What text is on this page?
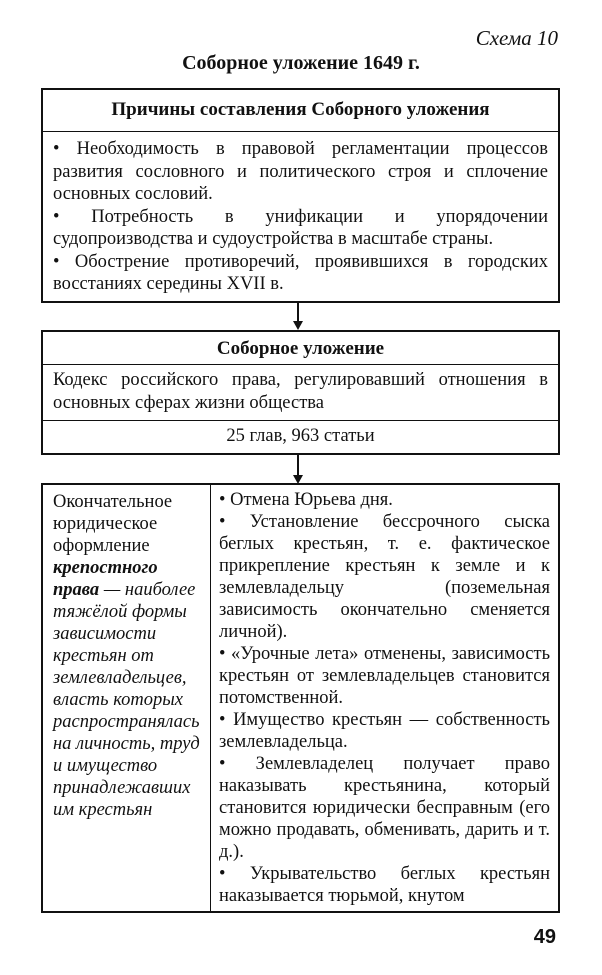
Схема 10
Соборное уложение 1649 г.
Причины составления Соборного уложения
• Необходимость в правовой регламентации процессов развития сословного и политического строя и сплочение основных сословий.
• Потребность в унификации и упорядочении судопроизводства и судоустройства в масштабе страны.
• Обострение противоречий, проявившихся в городских восстаниях середины XVII в.
Соборное уложение
Кодекс российского права, регулировавший отношения в основных сферах жизни общества
25 глав, 963 статьи
Окончательное юридическое оформление крепостного права — наиболее тяжёлой формы зависимости крестьян от землевладельцев, власть которых распространялась на личность, труд и имущество принадлежавших им крестьян
• Отмена Юрьева дня.
• Установление бессрочного сыска беглых крестьян, т. е. фактическое прикрепление крестьян к земле и к землевладельцу (поземельная зависимость окончательно сменяется личной).
• «Урочные лета» отменены, зависимость крестьян от землевладельцев становится потомственной.
• Имущество крестьян — собственность землевладельца.
• Землевладелец получает право наказывать крестьянина, который становится юридически бесправным (его можно продавать, обменивать, дарить и т. д.).
• Укрывательство беглых крестьян наказывается тюрьмой, кнутом
49
